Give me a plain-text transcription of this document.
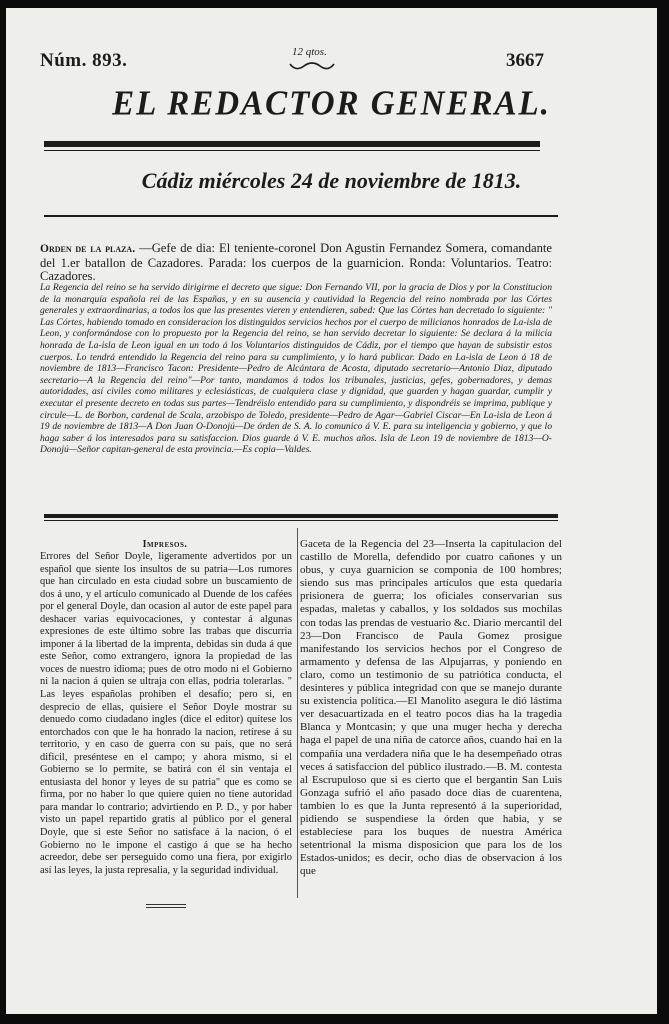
Núm. 893.	12 qtos.	3667
EL REDACTOR GENERAL.
Cádiz miércoles 24 de noviembre de 1813.
Orden de la plaza. —Gefe de dia: El teniente-coronel Don Agustin Fernandez Somera, comandante del 1.er batallon de Cazadores. Parada: los cuerpos de la guarnicion. Ronda: Voluntarios. Teatro: Cazadores.
La Regencia del reino se ha servido dirigirme el decreto que sigue: Don Fernando VII, por la gracia de Dios y por la Constitucion de la monarquía española rei de las Españas, y en su ausencia y cautividad la Regencia del reino nombrada por las Córtes generales y extraordinarias, a todos los que las presentes vieren y entendieren, sabed: Que las Córtes han decretado lo siguiente: " Las Córtes, habiendo tomado en consideracion los distinguidos servicios hechos por el cuerpo de milicianos honrados de La-isla de Leon, y conformándose con lo propuesto por la Regencia del reino, se han servido decretar lo siguiente: Se declara á la milicia honrada de La-isla de Leon igual en un todo á los Voluntarios distinguidos de Cádiz, por el tiempo que hayan de subsistir estos cuerpos. Lo tendrá entendido la Regencia del reino para su cumplimiento, y lo hará publicar. Dado en La-isla de Leon á 18 de noviembre de 1813—Francisco Tacon: Presidente—Pedro de Alcántara de Acosta, diputado secretario—Antonio Diaz, diputado secretario—A la Regencia del reino"—Por tanto, mandamos á todos los tribunales, justicias, gefes, gobernadores, y demas autoridades, así civiles como militares y eclesiásticas, de cualquiera clase y dignidad, que guarden y hagan guardar, cumplir y executar el presente decreto en todas sus partes—Tendréislo entendido para su cumplimiento, y dispondréis se imprima, publique y circule—L. de Borbon, cardenal de Scala, arzobispo de Toledo, presidente—Pedro de Agar—Gabriel Ciscar—En La-isla de Leon á 19 de noviembre de 1813—A Don Juan O-Donojú—De órden de S. A. lo comunico á V. E. para su inteligencia y gobierno, y que lo haga saber á los interesados para su satisfaccion. Dios guarde á V. E. muchos años. Isla de Leon 19 de noviembre de 1813—O-Donojú—Señor capitan-general de esta provincia.—Es copia—Valdes.
Impresos.
Errores del Señor Doyle, ligeramente advertidos por un español que siente los insultos de su patria—Los rumores que han circulado en esta ciudad sobre un buscamiento de dos á uno, y el artículo comunicado al Duende de los cafées por el general Doyle, dan ocasion al autor de este papel para deshacer varias equivocaciones, y contestar á algunas expresiones de este último sobre las trabas que discurria imponer á la libertad de la imprenta, debidas sin duda á que este Señor, como extrangero, ignora la propiedad de las voces de nuestro idioma; pues de otro modo ni el Gobierno ni la nacion á quien se ultraja con ellas, podria tolerarlas. " Las leyes españolas prohiben el desafío; pero si, en desprecio de ellas, quisiere el Señor Doyle mostrar su denuedo como ciudadano ingles (dice el editor) quítese los entorchados con que le ha honrado la nacion, retírese á su territorio, y en caso de guerra con su país, que no será dificil, preséntese en el campo; y ahora mismo, si el Gobierno se lo permite, se batirá con él sin ventaja el entusiasta del honor y leyes de su patria" que es como se firma, por no haber lo que quiere quien no tiene autoridad para mandar lo contrario; advirtiendo en P. D., y por haber visto un papel repartido gratis al público por el general Doyle, que si este Señor no satisface á la nacion, ó el Gobierno no le impone el castigo á que se ha hecho acreedor, debe ser perseguido como una fiera, por exigirlo así las leyes, la justa represalia, y la seguridad individual.
Gaceta de la Regencia del 23—Inserta la capitulacion del castillo de Morella, defendido por cuatro cañones y un obus, y cuya guarnicion se componia de 100 hombres; siendo sus mas principales artículos que esta quedaria prisionera de guerra; los oficiales conservarian sus espadas, maletas y caballos, y los soldados sus mochilas con todas las prendas de vestuario &c. Diario mercantil del 23—Don Francisco de Paula Gomez prosigue manifestando los servicios hechos por el Congreso de armamento y defensa de las Alpujarras, y poniendo en claro, como un testimonio de su patriótica conducta, el desinteres y pública integridad con que se manejo durante su existencia política.—El Manolito asegura le dió lástima ver desacuartizada en el teatro pocos dias ha la tragedia Blanca y Montcasin; y que una muger hecha y derecha haga el papel de una niña de catorce años, cuando hai en la compañía una verdadera niña que le ha desempeñado otras veces á satisfaccion del público ilustrado.—B. M. contesta al Escrupuloso que si es cierto que el bergantin San Luis Gonzaga sufrió el año pasado doce dias de cuarentena, tambien lo es que la Junta representó á la superioridad, pidiendo se suspendiese la órden que habia, y se establecíese para los buques de nuestra América setentrional la misma disposicion que para los de los Estados-unidos; es decir, ocho dias de observacion á los que
